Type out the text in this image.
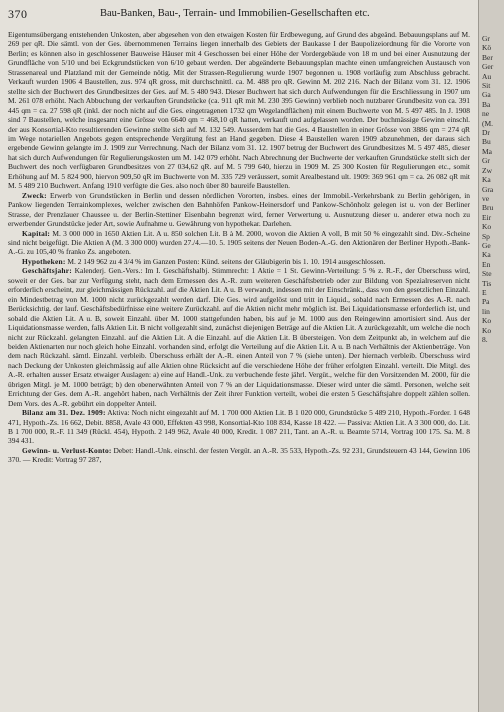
370	Bau-Banken, Bau-, Terrain- und Immobilien-Gesellschaften etc.

Eigentumsübergang entstehenden Unkosten, aber abgesehen von den etwaigen Kosten für Erdbewegung, auf Grund des abgeänd. Bebauungsplans auf M. 269 per qR. Die sämtl. von der Ges. übernommenen Terrains liegen innerhalb des Gebiets der Baukasse I der Baupolizeiordnung für die Vororte von Berlin; es können also in geschlossener Bauweise Häuser mit 4 Geschossen bei einer Höhe der Vordergebäude von 18 m und bei einer Ausnutzung der Grundfläche von 5/10 und bei Eckgrundstücken von 6/10 gebaut werden. Der abgeänderte Bebauungsplan machte einen umfangreichen Austausch von Strassenareal und Platzland mit der Gemeinde nötig. Mit der Strassen-Regulierung wurde 1907 begonnen u. 1908 vorläufig zum Abschluss gebracht. Verkauft wurden 1906 4 Baustellen, zus. 974 qR gross, mit durchschnittl. ca. M. 488 pro qR. Gewinn M. 202 216. Nach der Bilanz vom 31. 12. 1906 stellte sich der Buchwert des Grundbesitzes der Ges. auf M. 5 480 943. Dieser Buchwert hat sich durch Aufwendungen für die Erschliessung in 1907 um M. 261 078 erhöht. Nach Abbuchung der verkauften Grundstücke (ca. 911 qR mit M. 230 395 Gewinn) verblieb noch nutzbarer Grundbesitz von ca. 391 445 qm = ca. 27 598 qR (inkl. der noch nicht auf die Ges. eingetragenen 1732 qm Wegelandflächen) mit einem Buchwerte von M. 5 497 485. In J. 1908 sind 7 Baustellen, welche insgesamt eine Grösse von 6640 qm = 468,10 qR hatten, verkauft und aufgelassen worden. Der buchmässige Gewinn einschl. der aus Konsortial-Kto resultierenden Gewinne stellte sich auf M. 132 549. Ausserdem hat die Ges. 4 Baustellen in einer Grösse von 3886 qm = 274 qR im Wege notariellen Angebots gegen entsprechende Vergütung fest an Hand gegeben. Diese 4 Baustellen waren 1909 abzunehmen, der daraus sich ergebende Gewinn gelangte im J. 1909 zur Verrechnung. Nach der Bilanz vom 31. 12. 1907 betrug der Buchwert des Grundbesitzes M. 5 497 485, dieser hat sich durch Aufwendungen für Regulierungskosten um M. 142 079 erhöht. Nach Abrechnung der Buchwerte der verkauften Grundstücke stellt sich der Buchwert des noch verfügbaren Grundbesitzes von 27 034,62 qR. auf M. 5 799 640, hierzu in 1909 M. 25 300 Kosten für Regulierungen etc., somit Erhöhung auf M. 5 824 900, hiervon 909,50 qR im Buchwerte von M. 335 729 veräussert, somit Arealbestand ult. 1909: 369 961 qm = ca. 26 082 qR mit M. 5 489 210 Buchwert. Anfang 1910 verfügte die Ges. also noch über 80 baureife Baustellen.

Zweck: Erwerb von Grundstücken in Berlin und dessen nördlichen Vororten, insbes. eines der Immobil.-Verkehrsbank zu Berlin gehörigen, in Pankow liegenden Terrainkomplexes, welcher zwischen den Bahnhöfen Pankow-Heinersdorf und Pankow-Schönholz gelegen ist u. von der Berliner Strasse, der Prenzlauer Chaussee u. der Berlin-Stettiner Eisenbahn begrenzt wird, ferner Verwertung u. Ausnutzung dieser u. anderer etwa noch zu erwerbender Grundstücke jeder Art, sowie Aufnahme u. Gewährung von hypothekar. Darlehen.

Kapital: M. 3 000 000 in 1650 Aktien Lit. A u. 850 solchen Lit. B à M. 2000, wovon die Aktien A voll, B mit 50 % eingezahlt sind. Div.-Scheine sind nicht beigefügt. Die Aktien A (M. 3 300 000) wurden 27./4.—10. 5. 1905 seitens der Neuen Boden-A.-G. den Aktionären der Berliner Hypoth.-Bank-A.-G. zu 105,40 % franko Zs. angeboten.

Hypotheken: M. 2 149 962 zu 4 3/4 % im Ganzen Posten: Künd. seitens der Gläubigerin bis 1. 10. 1914 ausgeschlossen.

Geschäftsjahr: Kalenderj. Gen.-Vers.: Im I. Geschäftshalbj. Stimmrecht: 1 Aktie = 1 St. Gewinn-Verteilung: 5 % z. R.-F., der Überschuss wird, soweit er der Ges. bar zur Verfügung steht, nach dem Ermessen des A.-R. zum weiteren Geschäftsbetrieb oder zur Bildung von Spezialreserven nicht erforderlich erscheint, zur gleichmässigen Rückzahl. auf die Aktien Lit. A u. B verwandt, indessen mit der Einschränk., dass von den gesetzlichen Einzahl. ein Mindestbetrag von M. 1000 nicht zurückgezahlt werden darf. Die Ges. wird aufgelöst und tritt in Liquid., sobald nach Ermessen des A.-R. nach Berücksichtig. der lauf. Geschäftsbedürfnisse eine weitere Zurückzahl. auf die Aktien nicht mehr möglich ist. Bei Liquidationsmasse erforderlich ist, und sobald die Aktien Lit. A u. B, soweit Einzahl. über M. 1000 stattgefunden haben, bis auf je M. 1000 aus den Reingewinn amortisiert sind. Aus der Liquidationsmasse werden, falls Aktien Lit. B nicht vollgezahlt sind, zunächst diejenigen Beträge auf die Aktien Lit. A zurückgezahlt, um welche die noch nicht zur Rückzahl. gelangten Einzahl. auf die Aktien Lit. A die Einzahl. auf die Aktien Lit. B übersteigen. Von dem Zeitpunkt ab, in welchem auf die beiden Aktienarten nur noch gleich hohe Einzahl. vorhanden sind, erfolgt die Verteilung auf die Aktien Lit. A u. B nach Verhältnis der Aktienbeträge. Von dem nach Rückzahl. sämtl. Einzahl. verbleib. Überschuss erhält der A.-R. einen Anteil von 7 % (siehe unten). Der hiernach verbleib. Überschuss wird nach Deckung der Unkosten gleichmässig auf alle Aktien ohne Rücksicht auf die verschiedene Höhe der früher erfolgten Einzahl. verteilt. Die Mitgl. des A.-R. erhalten ausser Ersatz etwaiger Auslagen: a) eine auf Handl.-Unk. zu verbuchende feste jährl. Vergüt., welche für den Vorsitzenden M. 2000, für die übrigen Mitgl. je M. 1000 beträgt; b) den obenerwähnten Anteil von 7 % an der Liquidationsmasse. Dieser wird unter die sämtl. Personen, welche seit Errichtung der Ges. dem A.-R. angehört haben, nach Verhältnis der Zeit ihrer Funktion verteilt, wobei die ersten 5 Geschäftsjahre doppelt zählen sollen. Dem Vors. des A.-R. gebührt ein doppelter Anteil.

Bilanz am 31. Dez. 1909: Aktiva: Noch nicht eingezahlt auf M. 1 700 000 Aktien Lit. B 1 020 000, Grundstücke 5 489 210, Hypoth.-Forder. 1 648 471, Hypoth.-Zs. 16 662, Debit. 8858, Avale 43 000, Effekten 43 998, Konsortial-Kto 108 834, Kasse 18 422. — Passiva: Aktien Lit. A 3 300 000, do. Lit. B 1 700 000, R.-F. 11 349 (Rückl. 454), Hypoth. 2 149 962, Avale 40 000, Kredit. 1 087 211, Tant. an A.-R. u. Beamte 5714, Vortrag 100 175. Sa. M. 8 394 431.

Gewinn- u. Verlust-Konto: Debet: Handl.-Unk. einschl. der festen Vergüt. an A.-R. 35 533, Hypoth.-Zs. 92 231, Grundsteuern 43 144, Gewinn 106 370. — Kredit: Vortrag 97 287,

Gr
Kö
Ber
Ger
Au
Sit
Ga
Ba
ne
(M.
Dr
Bu
Ma
Gr
Zw
Ka
Gra
ve
Bru
Eir
Ko
Sp
Ge
Ka
En
Ste
Tis
E
Pa
lin
Ko
Ko
8.
